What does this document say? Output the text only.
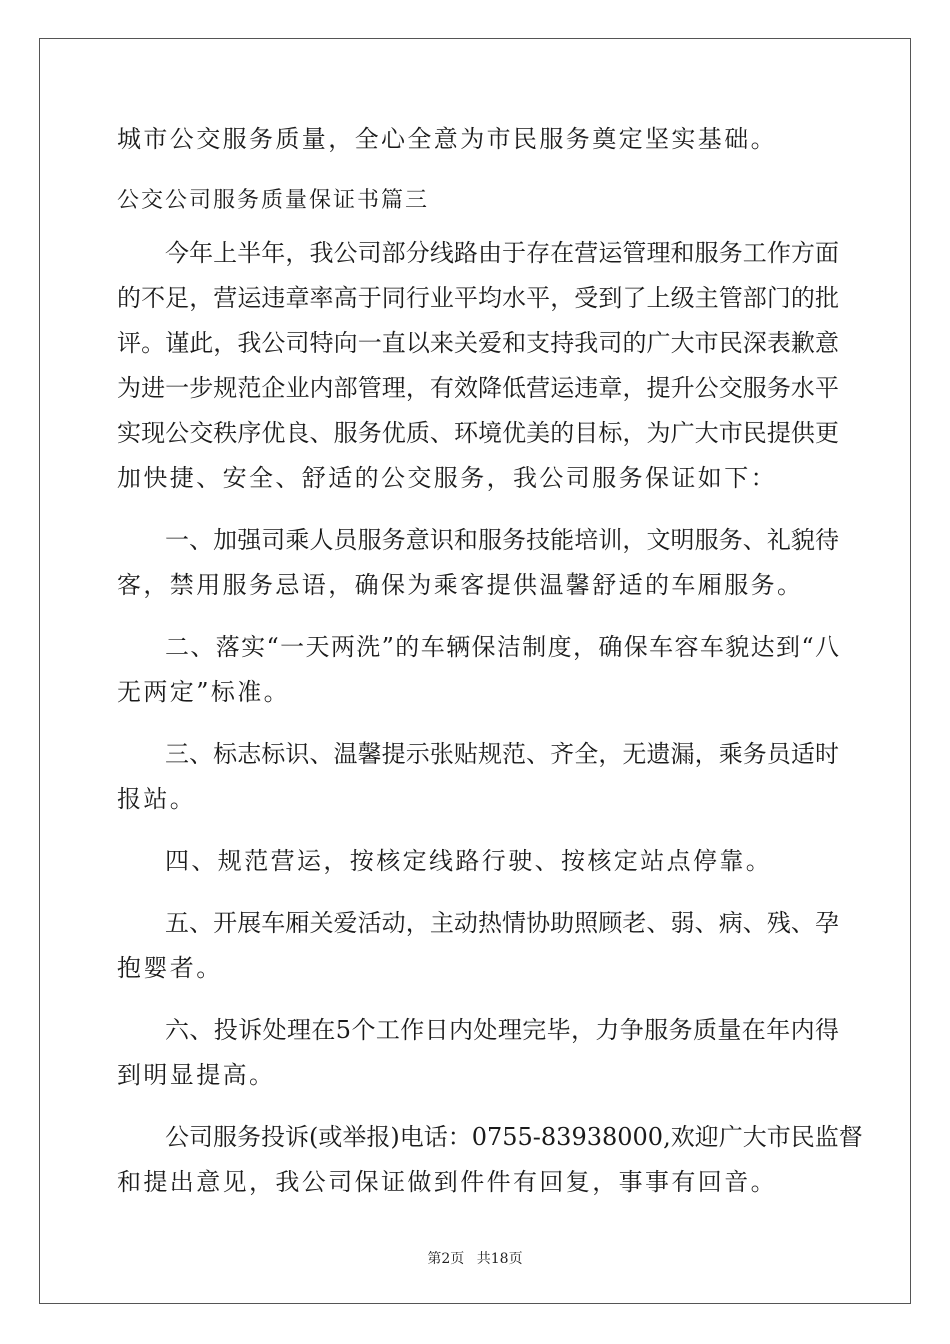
城市公交服务质量，全心全意为市民服务奠定坚实基础。

公交公司服务质量保证书篇三

今年上半年，我公司部分线路由于存在营运管理和服务工作方面

的不足，营运违章率高于同行业平均水平，受到了上级主管部门的批

评。谨此，我公司特向一直以来关爱和支持我司的广大市民深表歉意

为进一步规范企业内部管理，有效降低营运违章，提升公交服务水平

实现公交秩序优良、服务优质、环境优美的目标，为广大市民提供更

加快捷、安全、舒适的公交服务，我公司服务保证如下：

一、加强司乘人员服务意识和服务技能培训，文明服务、礼貌待

客，禁用服务忌语，确保为乘客提供温馨舒适的车厢服务。

二、落实“一天两洗”的车辆保洁制度，确保车容车貌达到“八

无两定”标准。

三、标志标识、温馨提示张贴规范、齐全，无遗漏，乘务员适时

报站。

四、规范营运，按核定线路行驶、按核定站点停靠。

五、开展车厢关爱活动，主动热情协助照顾老、弱、病、残、孕

抱婴者。

六、投诉处理在5个工作日内处理完毕，力争服务质量在年内得

到明显提高。

公司服务投诉(或举报)电话：0755-83938000,欢迎广大市民监督

和提出意见，我公司保证做到件件有回复，事事有回音。

第2页 共18页
